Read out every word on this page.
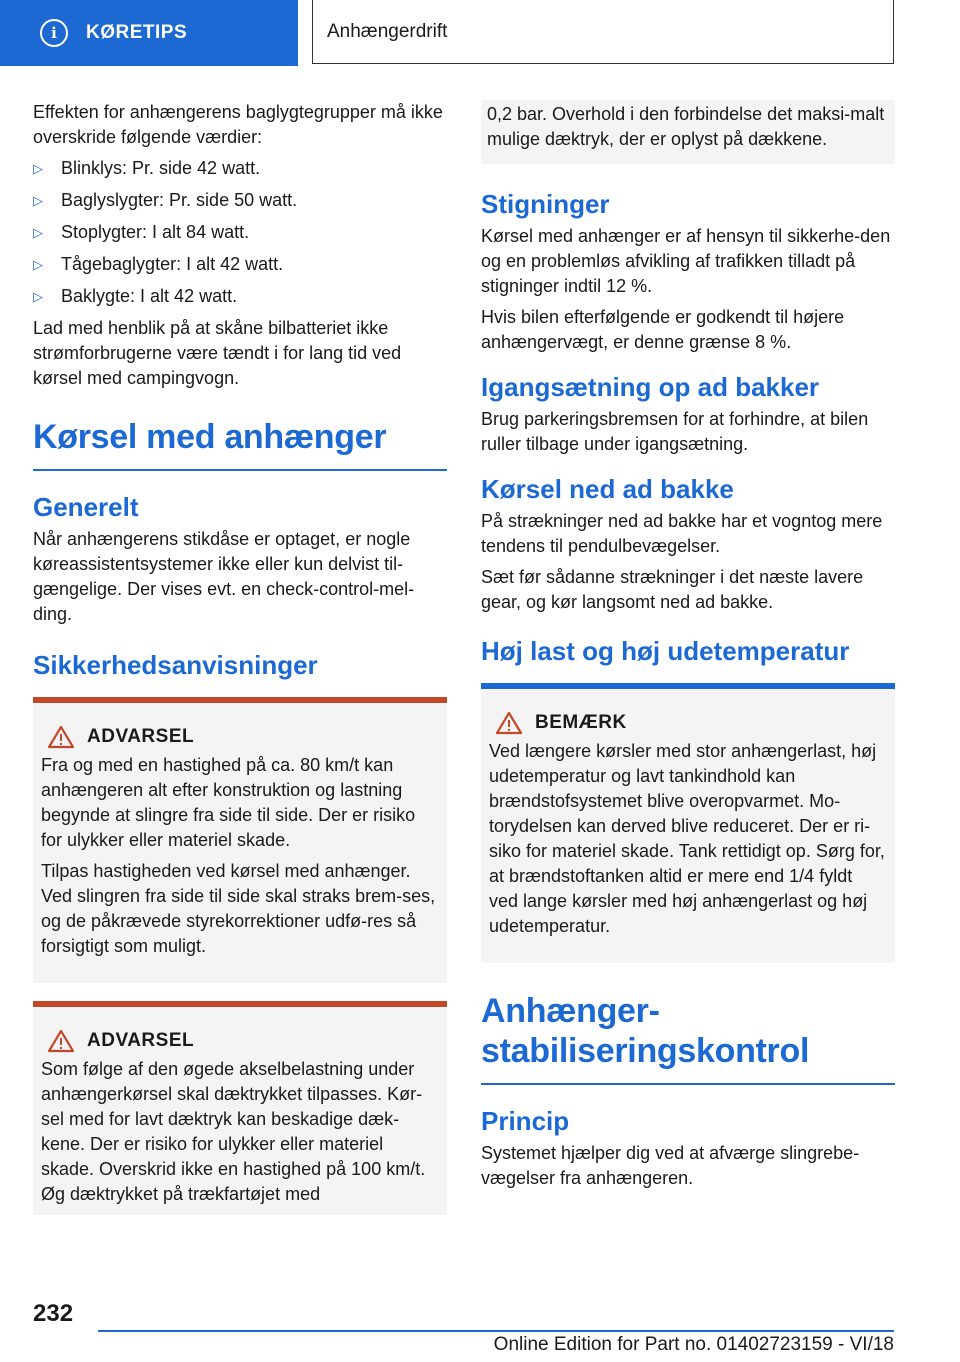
i	KØRETIPS	Anhængerdrift

Effekten for anhængerens baglygtegrupper må ikke overskride følgende værdier:

▷	Blinklys: Pr. side 42 watt.
▷	Baglyslygter: Pr. side 50 watt.
▷	Stoplygter: I alt 84 watt.
▷	Tågebaglygter: I alt 42 watt.
▷	Baklygte: I alt 42 watt.

Lad med henblik på at skåne bilbatteriet ikke strømforbrugerne være tændt i for lang tid ved kørsel med campingvogn.

Kørsel med anhænger
Generelt

Når anhængerens stikdåse er optaget, er nogle køreassistentsystemer ikke eller kun delvist til-gængelige. Der vises evt. en check-control-mel-ding.

Sikkerhedsanvisninger
ADVARSEL

Fra og med en hastighed på ca. 80 km/t kan anhængeren alt efter konstruktion og lastning begynde at slingre fra side til side. Der er risiko for ulykker eller materiel skade.

Tilpas hastigheden ved kørsel med anhænger. Ved slingren fra side til side skal straks brem-ses, og de påkrævede styrekorrektioner udfø-res så forsigtigt som muligt.

ADVARSEL

Som følge af den øgede akselbelastning under anhængerkørsel skal dæktrykket tilpasses. Kør-sel med for lavt dæktryk kan beskadige dæk-kene. Der er risiko for ulykker eller materiel skade. Overskrid ikke en hastighed på 100 km/t. Øg dæktrykket på trækfartøjet med

0,2 bar. Overhold i den forbindelse det maksi-malt mulige dæktryk, der er oplyst på dækkene.

Stigninger

Kørsel med anhænger er af hensyn til sikkerhe-den og en problemløs afvikling af trafikken tilladt på stigninger indtil 12 %.

Hvis bilen efterfølgende er godkendt til højere anhængervægt, er denne grænse 8 %.

Igangsætning op ad bakker

Brug parkeringsbremsen for at forhindre, at bilen ruller tilbage under igangsætning.

Kørsel ned ad bakke

På strækninger ned ad bakke har et vogntog mere tendens til pendulbevægelser.

Sæt før sådanne strækninger i det næste lavere gear, og kør langsomt ned ad bakke.

Høj last og høj udetemperatur
BEMÆRK

Ved længere kørsler med stor anhængerlast, høj udetemperatur og lavt tankindhold kan brændstofsystemet blive overopvarmet. Mo-torydelsen kan derved blive reduceret. Der er ri-siko for materiel skade. Tank rettidigt op. Sørg for, at brændstoftanken altid er mere end 1/4 fyldt ved lange kørsler med høj anhængerlast og høj udetemperatur.

Anhænger-
stabiliseringskontrol
Princip

Systemet hjælper dig ved at afværge slingrebe-vægelser fra anhængeren.

232
Online Edition for Part no. 01402723159 - VI/18
